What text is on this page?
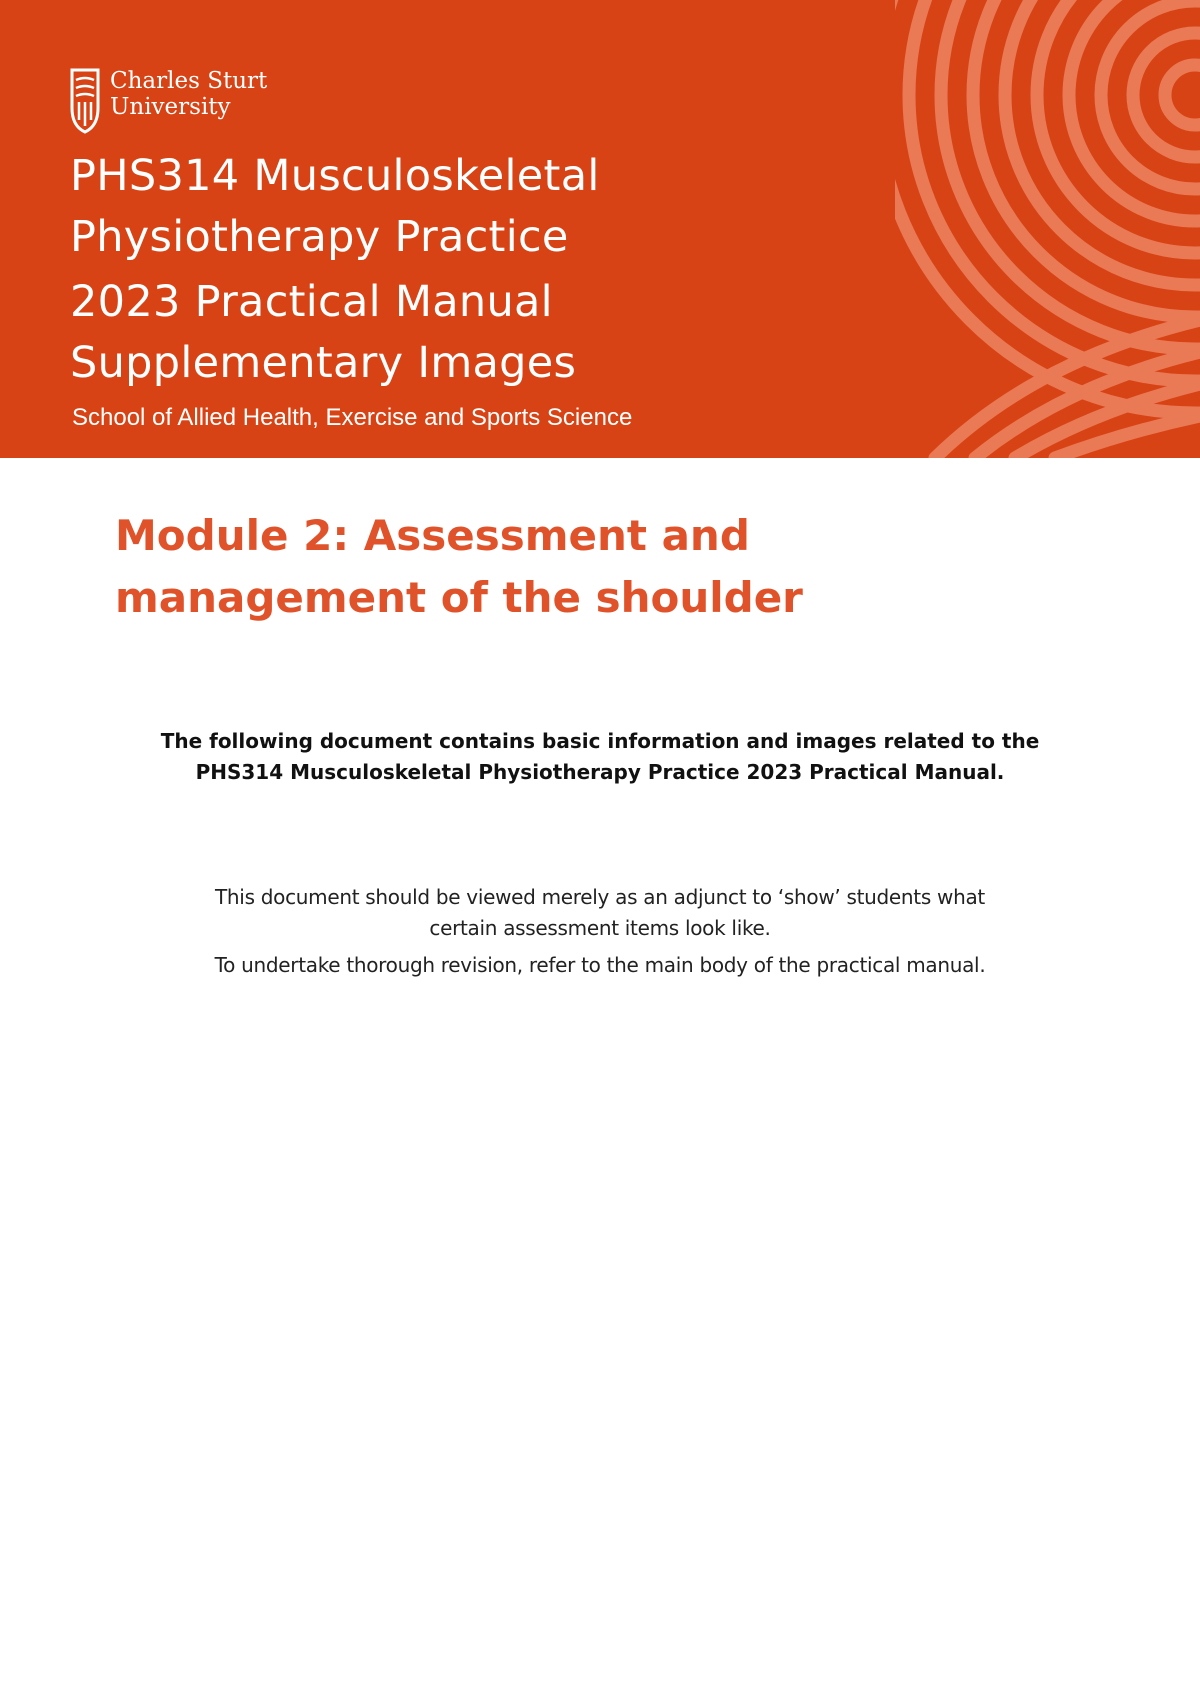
Charles Sturt
University
PHS314 Musculoskeletal
Physiotherapy Practice
2023 Practical Manual
Supplementary Images
School of Allied Health, Exercise and Sports Science
Module 2: Assessment and
management of the shoulder

The following document contains basic information and images related to the
PHS314 Musculoskeletal Physiotherapy Practice 2023 Practical Manual.

This document should be viewed merely as an adjunct to ‘show’ students what
certain assessment items look like.

To undertake thorough revision, refer to the main body of the practical manual.
